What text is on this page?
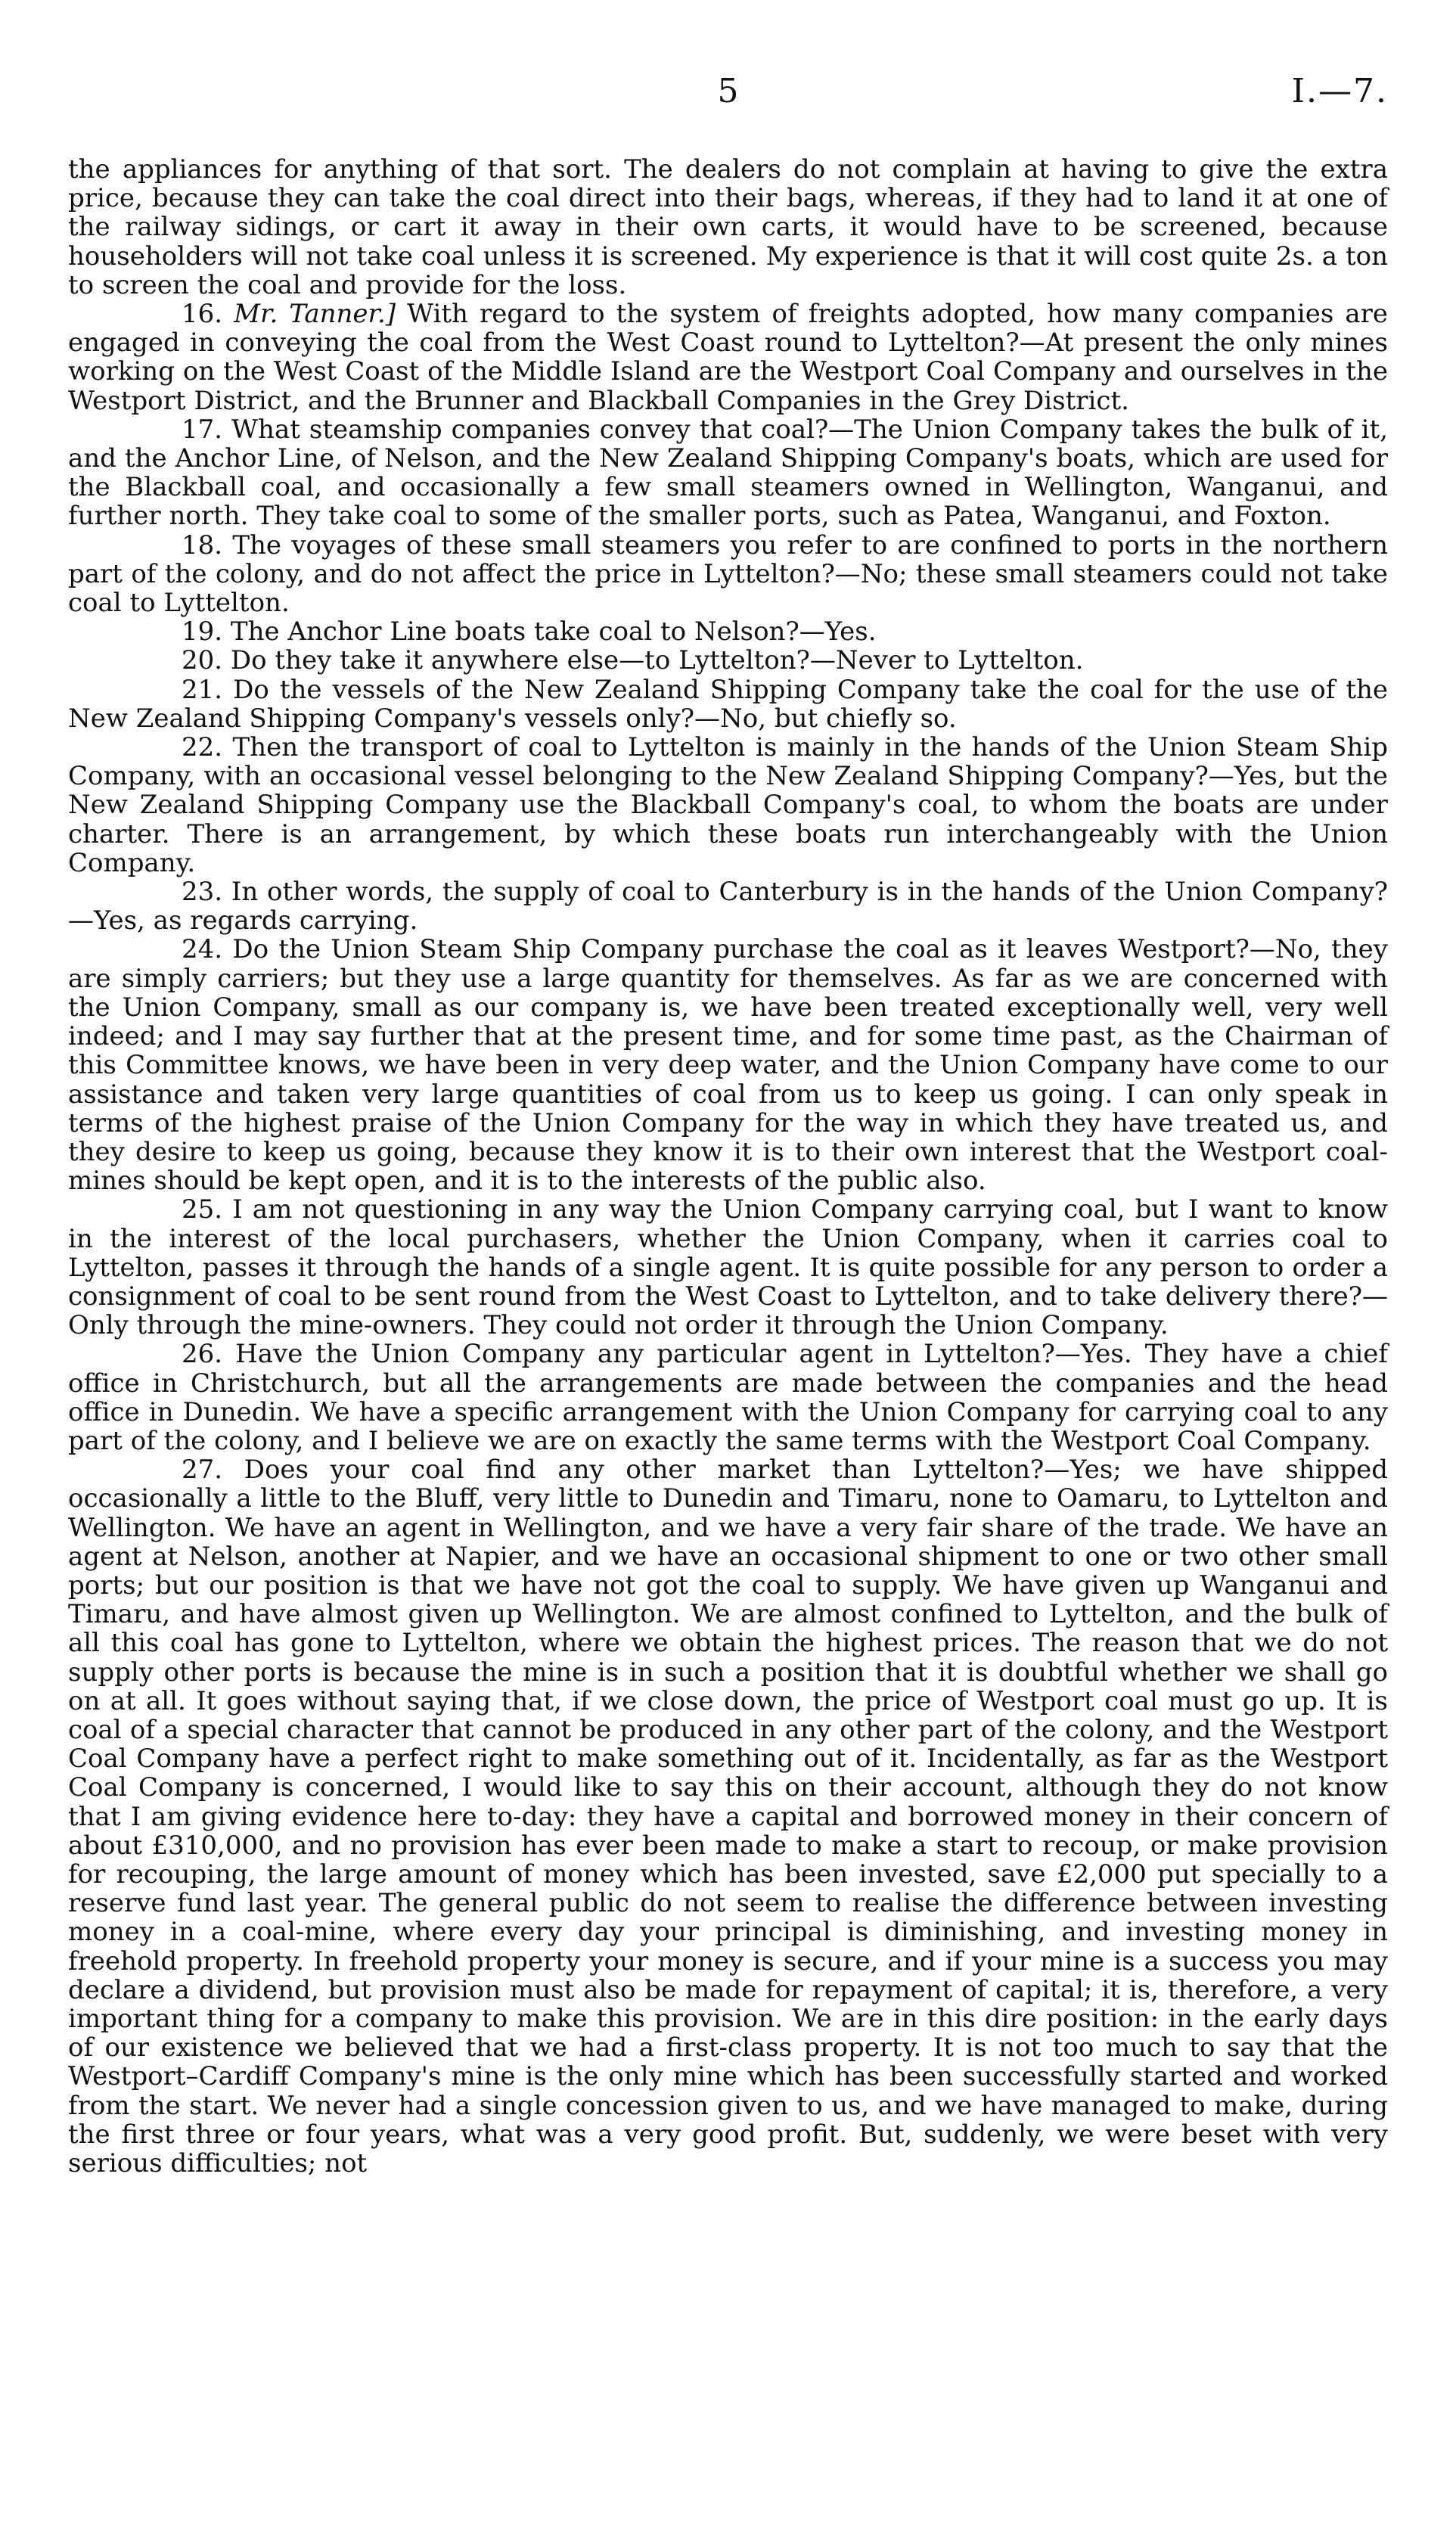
5	I.—7.

the appliances for anything of that sort. The dealers do not complain at having to give the extra price, because they can take the coal direct into their bags, whereas, if they had to land it at one of the railway sidings, or cart it away in their own carts, it would have to be screened, because householders will not take coal unless it is screened. My experience is that it will cost quite 2s. a ton to screen the coal and provide for the loss.

16. Mr. Tanner.] With regard to the system of freights adopted, how many companies are engaged in conveying the coal from the West Coast round to Lyttelton?—At present the only mines working on the West Coast of the Middle Island are the Westport Coal Company and ourselves in the Westport District, and the Brunner and Blackball Companies in the Grey District.

17. What steamship companies convey that coal?—The Union Company takes the bulk of it, and the Anchor Line, of Nelson, and the New Zealand Shipping Company's boats, which are used for the Blackball coal, and occasionally a few small steamers owned in Wellington, Wanganui, and further north. They take coal to some of the smaller ports, such as Patea, Wanganui, and Foxton.

18. The voyages of these small steamers you refer to are confined to ports in the northern part of the colony, and do not affect the price in Lyttelton?—No; these small steamers could not take coal to Lyttelton.

19. The Anchor Line boats take coal to Nelson?—Yes.

20. Do they take it anywhere else—to Lyttelton?—Never to Lyttelton.

21. Do the vessels of the New Zealand Shipping Company take the coal for the use of the New Zealand Shipping Company's vessels only?—No, but chiefly so.

22. Then the transport of coal to Lyttelton is mainly in the hands of the Union Steam Ship Company, with an occasional vessel belonging to the New Zealand Shipping Company?—Yes, but the New Zealand Shipping Company use the Blackball Company's coal, to whom the boats are under charter. There is an arrangement, by which these boats run interchangeably with the Union Company.

23. In other words, the supply of coal to Canterbury is in the hands of the Union Company? —Yes, as regards carrying.

24. Do the Union Steam Ship Company purchase the coal as it leaves Westport?—No, they are simply carriers; but they use a large quantity for themselves. As far as we are concerned with the Union Company, small as our company is, we have been treated exceptionally well, very well indeed; and I may say further that at the present time, and for some time past, as the Chairman of this Committee knows, we have been in very deep water, and the Union Company have come to our assistance and taken very large quantities of coal from us to keep us going. I can only speak in terms of the highest praise of the Union Company for the way in which they have treated us, and they desire to keep us going, because they know it is to their own interest that the Westport coal-mines should be kept open, and it is to the interests of the public also.

25. I am not questioning in any way the Union Company carrying coal, but I want to know in the interest of the local purchasers, whether the Union Company, when it carries coal to Lyttelton, passes it through the hands of a single agent. It is quite possible for any person to order a consignment of coal to be sent round from the West Coast to Lyttelton, and to take delivery there?—Only through the mine-owners. They could not order it through the Union Company.

26. Have the Union Company any particular agent in Lyttelton?—Yes. They have a chief office in Christchurch, but all the arrangements are made between the companies and the head office in Dunedin. We have a specific arrangement with the Union Company for carrying coal to any part of the colony, and I believe we are on exactly the same terms with the Westport Coal Company.

27. Does your coal find any other market than Lyttelton?—Yes; we have shipped occasionally a little to the Bluff, very little to Dunedin and Timaru, none to Oamaru, to Lyttelton and Wellington. We have an agent in Wellington, and we have a very fair share of the trade. We have an agent at Nelson, another at Napier, and we have an occasional shipment to one or two other small ports; but our position is that we have not got the coal to supply. We have given up Wanganui and Timaru, and have almost given up Wellington. We are almost confined to Lyttelton, and the bulk of all this coal has gone to Lyttelton, where we obtain the highest prices. The reason that we do not supply other ports is because the mine is in such a position that it is doubtful whether we shall go on at all. It goes without saying that, if we close down, the price of Westport coal must go up. It is coal of a special character that cannot be produced in any other part of the colony, and the Westport Coal Company have a perfect right to make something out of it. Incidentally, as far as the Westport Coal Company is concerned, I would like to say this on their account, although they do not know that I am giving evidence here to-day: they have a capital and borrowed money in their concern of about £310,000, and no provision has ever been made to make a start to recoup, or make provision for recouping, the large amount of money which has been invested, save £2,000 put specially to a reserve fund last year. The general public do not seem to realise the difference between investing money in a coal-mine, where every day your principal is diminishing, and investing money in freehold property. In freehold property your money is secure, and if your mine is a success you may declare a dividend, but provision must also be made for repayment of capital; it is, therefore, a very important thing for a company to make this provision. We are in this dire position: in the early days of our existence we believed that we had a first-class property. It is not too much to say that the Westport–Cardiff Company's mine is the only mine which has been successfully started and worked from the start. We never had a single concession given to us, and we have managed to make, during the first three or four years, what was a very good profit. But, suddenly, we were beset with very serious difficulties; not
